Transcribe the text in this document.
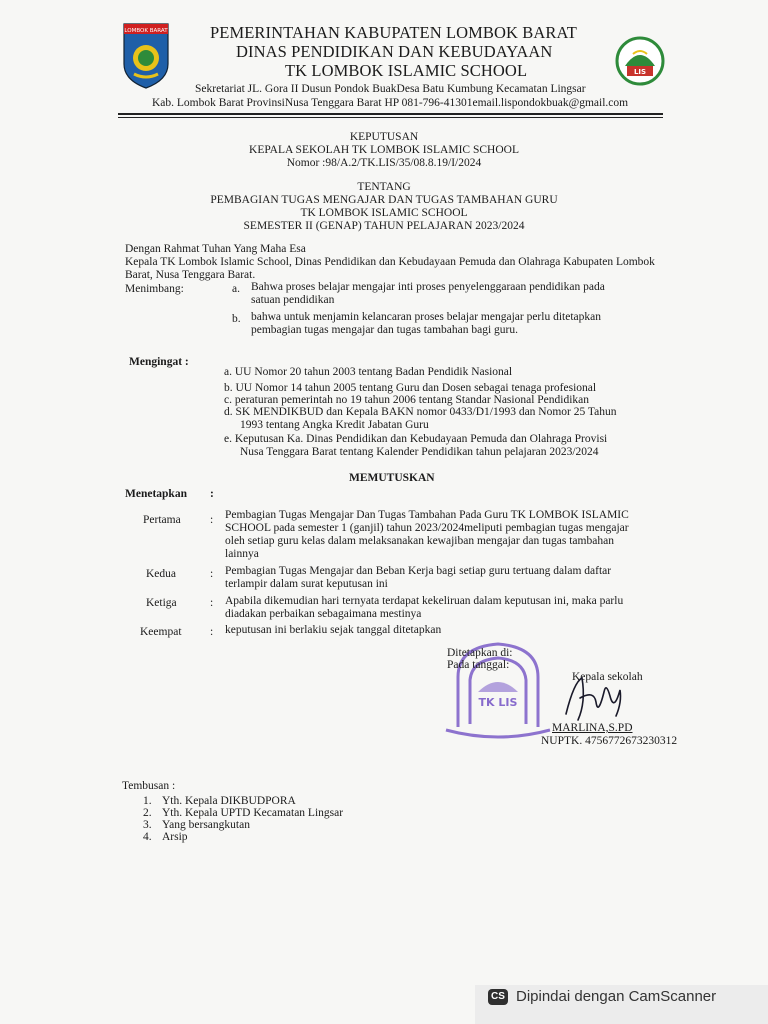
LOMBOK BARAT
LIS
PEMERINTAHAN KABUPATEN LOMBOK BARAT
DINAS PENDIDIKAN DAN KEBUDAYAAN
TK LOMBOK ISLAMIC SCHOOL
Sekretariat JL. Gora II Dusun Pondok BuakDesa Batu Kumbung Kecamatan Lingsar
Kab. Lombok Barat ProvinsiNusa Tenggara Barat HP 081-796-41301email.lispondokbuak@gmail.com
KEPUTUSAN
KEPALA SEKOLAH TK LOMBOK ISLAMIC SCHOOL
Nomor :98/A.2/TK.LIS/35/08.8.19/I/2024
TENTANG
PEMBAGIAN TUGAS MENGAJAR DAN TUGAS TAMBAHAN GURU
TK LOMBOK ISLAMIC SCHOOL
SEMESTER II (GENAP) TAHUN PELAJARAN 2023/2024
Dengan Rahmat Tuhan Yang Maha Esa
Kepala TK Lombok Islamic School, Dinas Pendidikan dan Kebudayaan Pemuda dan Olahraga Kabupaten Lombok
Barat, Nusa Tenggara Barat.
Menimbang:	a. Bahwa proses belajar mengajar inti proses penyelenggaraan pendidikan pada
satuan pendidikan
b. bahwa untuk menjamin kelancaran proses belajar mengajar perlu ditetapkan
pembagian tugas mengajar dan tugas tambahan bagi guru.
Mengingat :
a. UU Nomor 20 tahun 2003 tentang Badan Pendidik Nasional
b. UU Nomor 14 tahun 2005 tentang Guru dan Dosen sebagai tenaga profesional
c. peraturan pemerintah no 19 tahun 2006 tentang Standar Nasional Pendidikan
d. SK MENDIKBUD dan Kepala BAKN nomor 0433/D1/1993 dan Nomor 25 Tahun
1993 tentang Angka Kredit Jabatan Guru
e. Keputusan Ka. Dinas Pendidikan dan Kebudayaan Pemuda dan Olahraga Provisi
Nusa Tenggara Barat tentang Kalender Pendidikan tahun pelajaran 2023/2024
MEMUTUSKAN
Menetapkan :
Pertama	: Pembagian Tugas Mengajar Dan Tugas Tambahan Pada Guru TK LOMBOK ISLAMIC
SCHOOL pada semester 1 (ganjil) tahun 2023/2024meliputi pembagian tugas mengajar
oleh setiap guru kelas dalam melaksanakan kewajiban mengajar dan tugas tambahan
lainnya
Kedua	: Pembagian Tugas Mengajar dan Beban Kerja bagi setiap guru tertuang dalam daftar
terlampir dalam surat keputusan ini
Ketiga	: Apabila dikemudian hari ternyata terdapat kekeliruan dalam keputusan ini, maka parlu
diadakan perbaikan sebagaimana mestinya
Keempat : keputusan ini berlakiu sejak tanggal ditetapkan
TK LIS
Ditetapkan di:
Pada tanggal:
Kepala sekolah
MARLINA,S.PD
NUPTK. 4756772673230312
Tembusan :
1. Yth. Kepala DIKBUDPORA
2. Yth. Kepala UPTD Kecamatan Lingsar
3. Yang bersangkutan
4. Arsip
CS Dipindai dengan CamScanner
